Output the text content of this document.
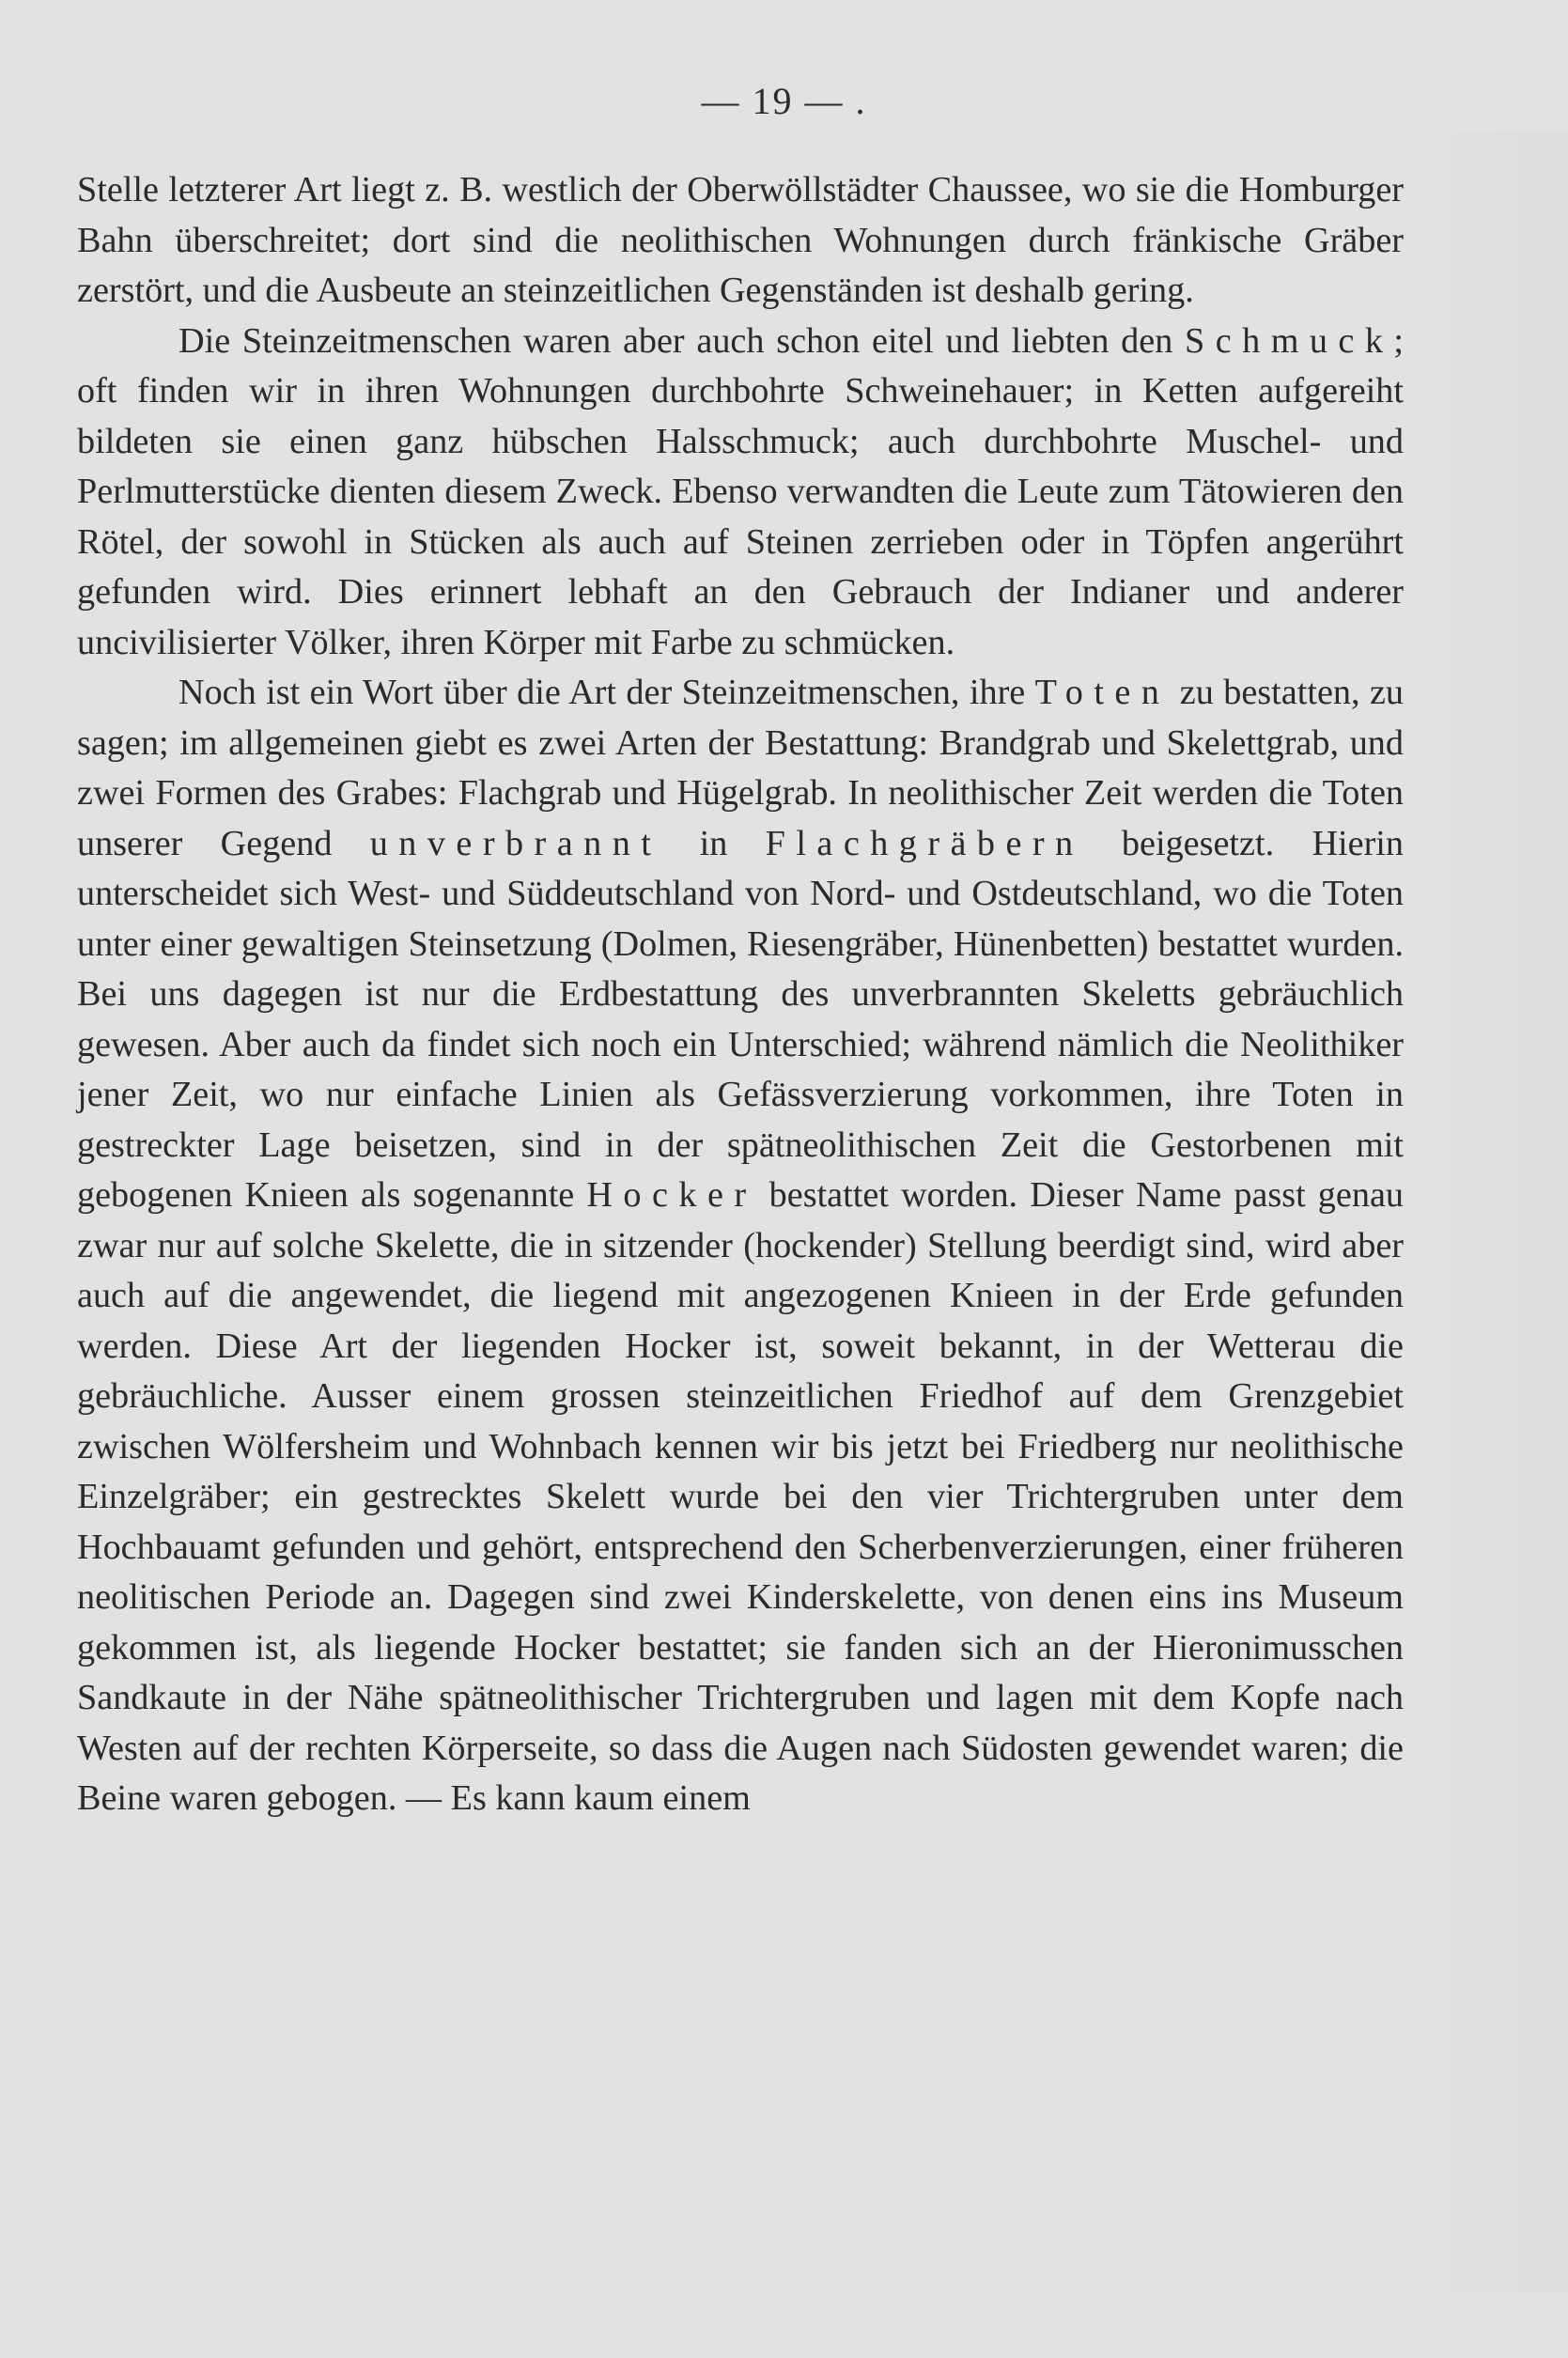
— 19 — .

Stelle letzterer Art liegt z. B. westlich der Oberwöllstädter Chaussee, wo sie die Homburger Bahn überschreitet; dort sind die neolithischen Wohnungen durch fränkische Gräber zerstört, und die Ausbeute an steinzeitlichen Gegenständen ist deshalb gering.

Die Steinzeitmenschen waren aber auch schon eitel und liebten den Schmuck; oft finden wir in ihren Wohnungen durchbohrte Schweinehauer; in Ketten aufgereiht bildeten sie einen ganz hübschen Halsschmuck; auch durchbohrte Muschel- und Perlmutterstücke dienten diesem Zweck. Ebenso verwandten die Leute zum Tätowieren den Rötel, der sowohl in Stücken als auch auf Steinen zerrieben oder in Töpfen angerührt gefunden wird. Dies erinnert lebhaft an den Gebrauch der Indianer und anderer uncivilisierter Völker, ihren Körper mit Farbe zu schmücken.

Noch ist ein Wort über die Art der Steinzeitmenschen, ihre Toten zu bestatten, zu sagen; im allgemeinen giebt es zwei Arten der Bestattung: Brandgrab und Skelettgrab, und zwei Formen des Grabes: Flachgrab und Hügelgrab. In neolithischer Zeit werden die Toten unserer Gegend unverbrannt in Flachgräbern beigesetzt. Hierin unterscheidet sich West- und Süddeutschland von Nord- und Ostdeutschland, wo die Toten unter einer gewaltigen Steinsetzung (Dolmen, Riesengräber, Hünenbetten) bestattet wurden. Bei uns dagegen ist nur die Erdbestattung des unverbrannten Skeletts gebräuchlich gewesen. Aber auch da findet sich noch ein Unterschied; während nämlich die Neolithiker jener Zeit, wo nur einfache Linien als Gefässverzierung vorkommen, ihre Toten in gestreckter Lage beisetzen, sind in der spätneolithischen Zeit die Gestorbenen mit gebogenen Knieen als sogenannte Hocker bestattet worden. Dieser Name passt genau zwar nur auf solche Skelette, die in sitzender (hockender) Stellung beerdigt sind, wird aber auch auf die angewendet, die liegend mit angezogenen Knieen in der Erde gefunden werden. Diese Art der liegenden Hocker ist, soweit bekannt, in der Wetterau die gebräuchliche. Ausser einem grossen steinzeitlichen Friedhof auf dem Grenzgebiet zwischen Wölfersheim und Wohnbach kennen wir bis jetzt bei Friedberg nur neolithische Einzelgräber; ein gestrecktes Skelett wurde bei den vier Trichtergruben unter dem Hochbauamt gefunden und gehört, entsprechend den Scherbenverzierungen, einer früheren neolitischen Periode an. Dagegen sind zwei Kinderskelette, von denen eins ins Museum gekommen ist, als liegende Hocker bestattet; sie fanden sich an der Hieronimusschen Sandkaute in der Nähe spätneolithischer Trichtergruben und lagen mit dem Kopfe nach Westen auf der rechten Körperseite, so dass die Augen nach Südosten gewendet waren; die Beine waren gebogen. — Es kann kaum einem
